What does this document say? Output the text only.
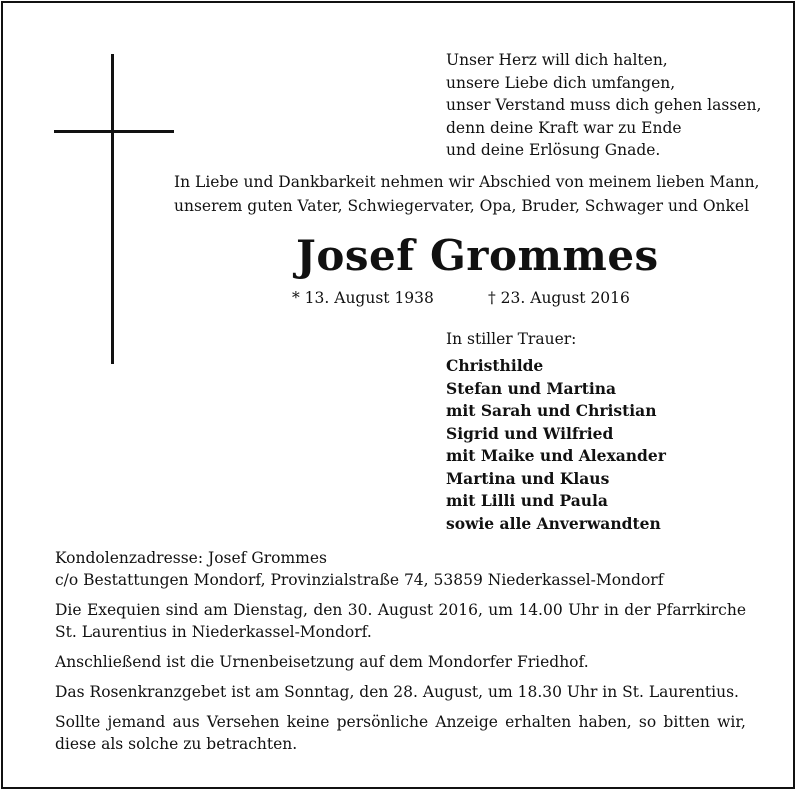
Unser Herz will dich halten,
unsere Liebe dich umfangen,
unser Verstand muss dich gehen lassen,
denn deine Kraft war zu Ende
und deine Erlösung Gnade.
In Liebe und Dankbarkeit nehmen wir Abschied von meinem lieben Mann,
unserem guten Vater, Schwiegervater, Opa, Bruder, Schwager und Onkel
Josef Grommes
* 13. August 1938	† 23. August 2016
In stiller Trauer:
Christhilde
Stefan und Martina
mit Sarah und Christian
Sigrid und Wilfried
mit Maike und Alexander
Martina und Klaus
mit Lilli und Paula
sowie alle Anverwandten

Kondolenzadresse: Josef Grommes

c/o Bestattungen Mondorf, Provinzialstraße 74, 53859 Niederkassel-Mondorf

Die Exequien sind am Dienstag, den 30. August 2016, um 14.00 Uhr in der Pfarrkirche St. Laurentius in Niederkassel-Mondorf.

Anschließend ist die Urnenbeisetzung auf dem Mondorfer Friedhof.

Das Rosenkranzgebet ist am Sonntag, den 28. August, um 18.30 Uhr in St. Laurentius.

Sollte jemand aus Versehen keine persönliche Anzeige erhalten haben, so bitten wir, diese als solche zu betrachten.
